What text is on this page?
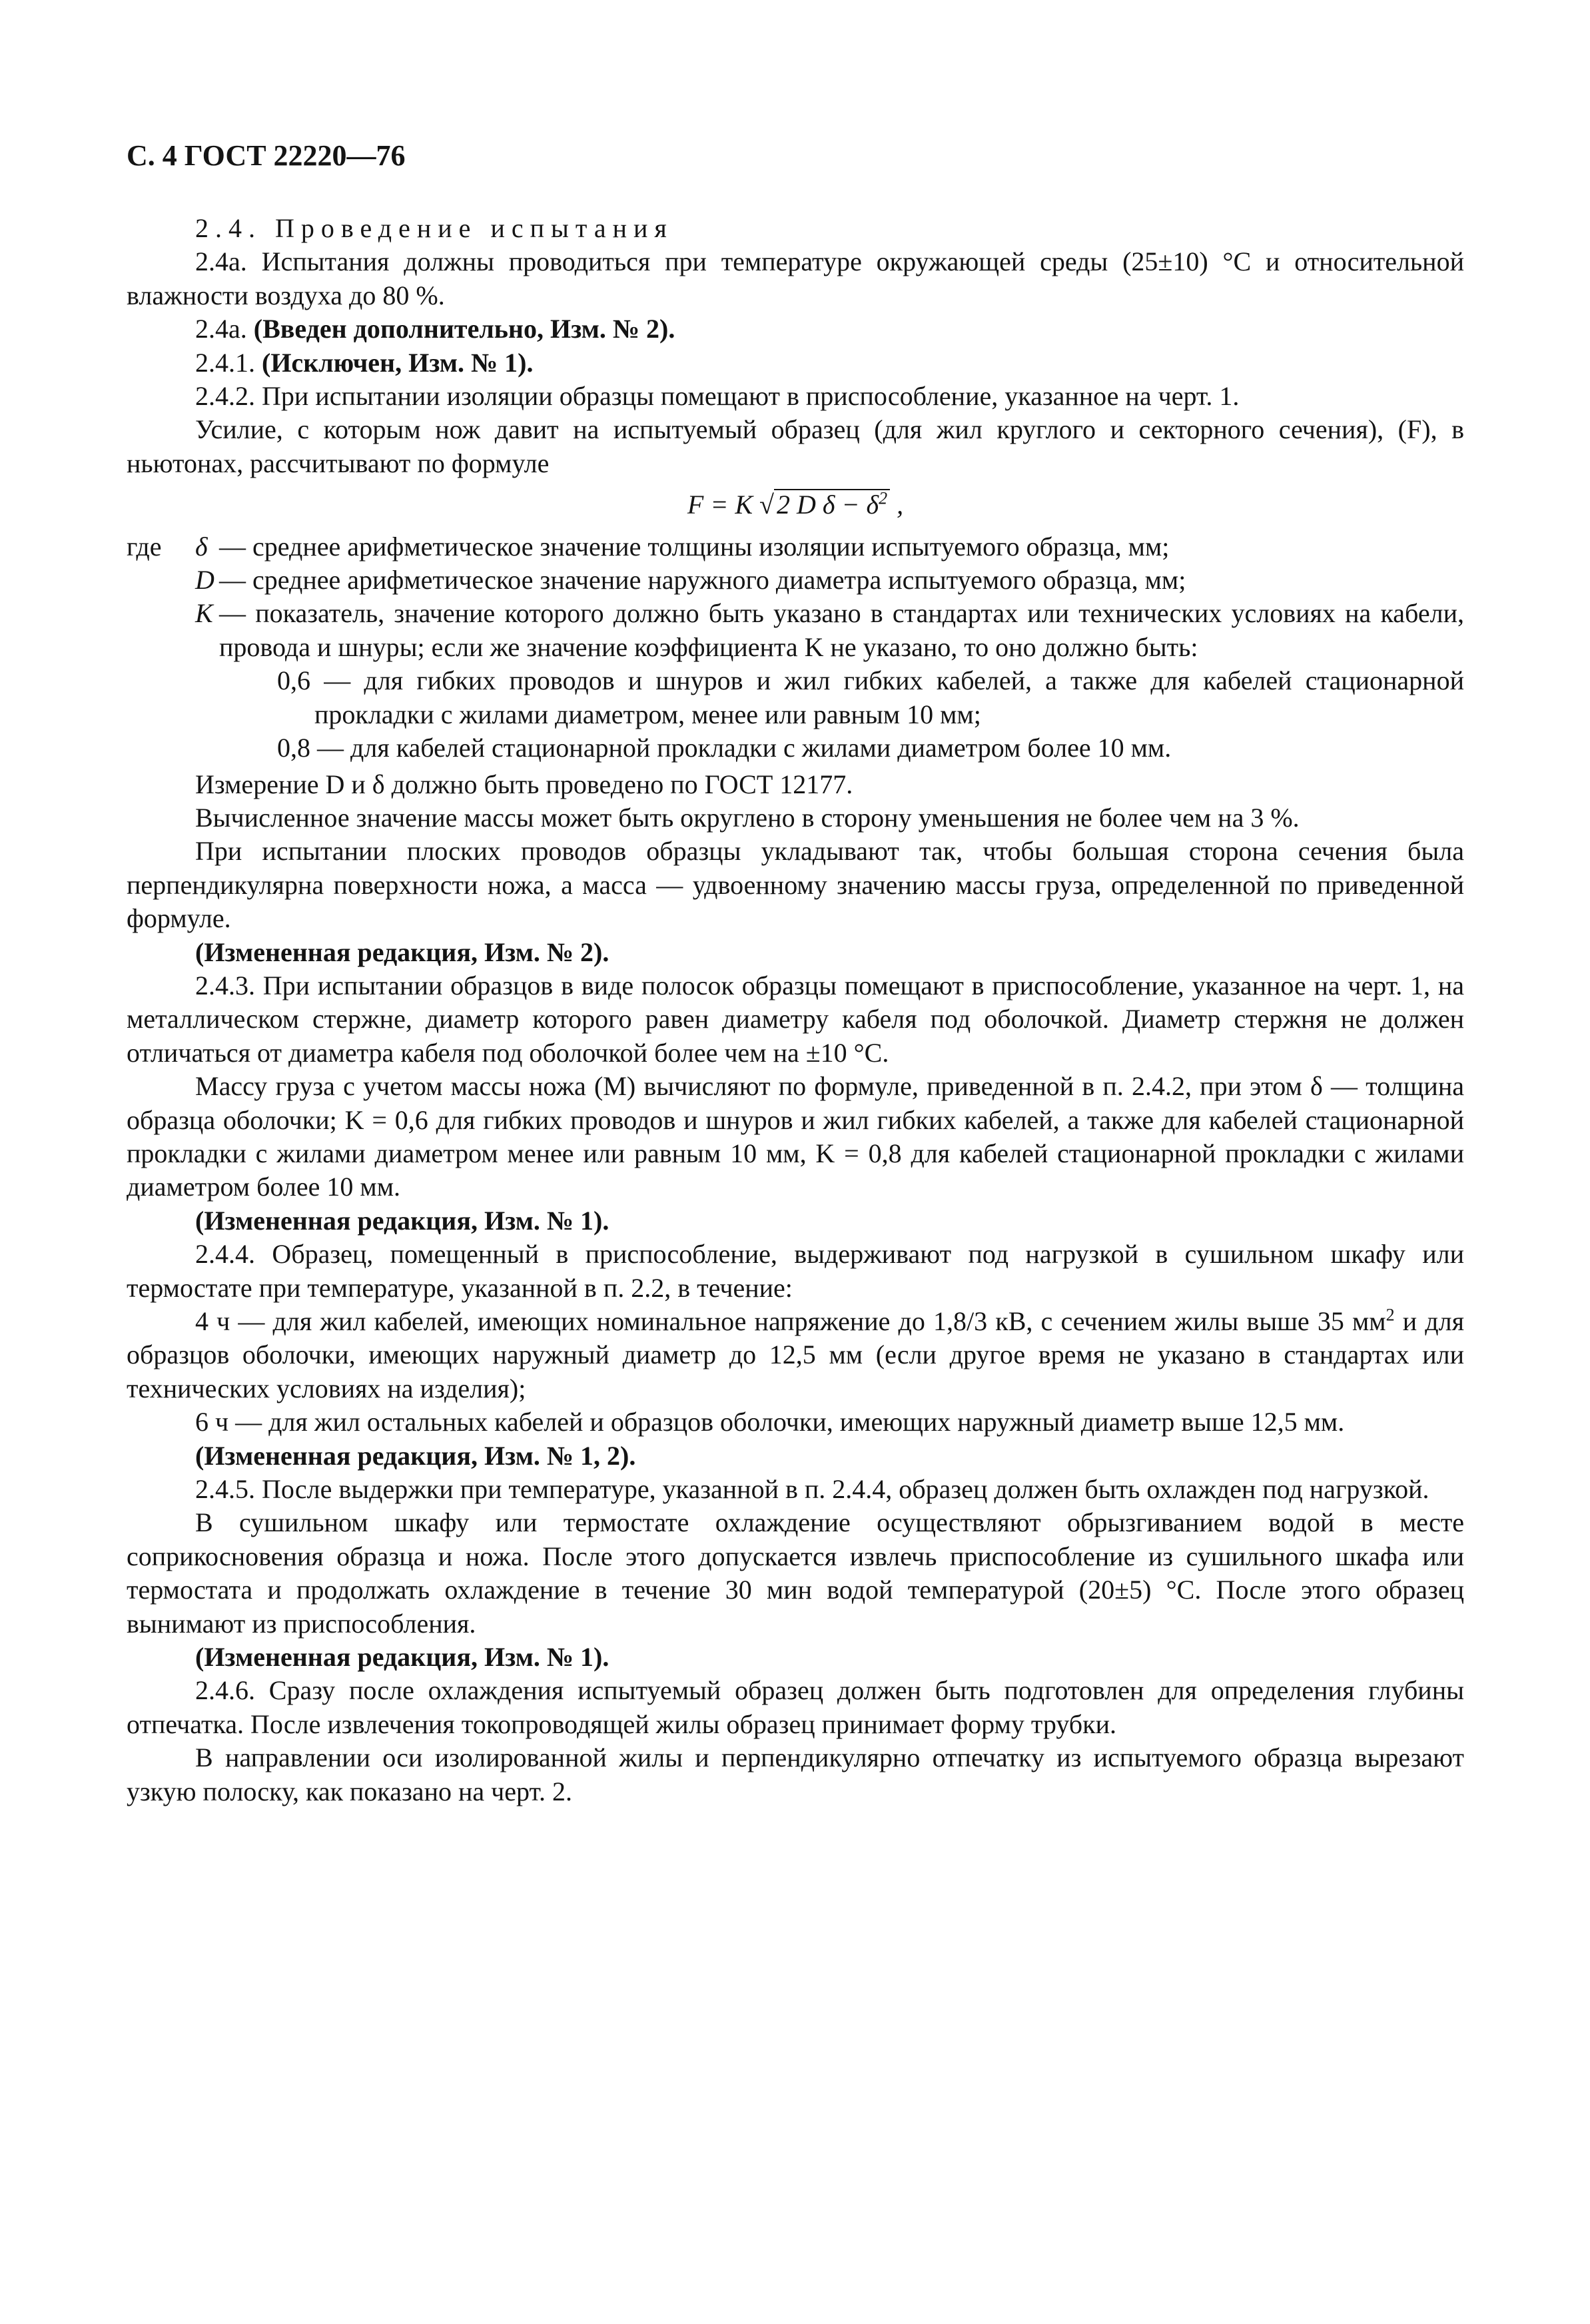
С. 4 ГОСТ 22220—76

2.4. Проведение испытания

2.4а. Испытания должны проводиться при температуре окружающей среды (25±10) °С и относительной влажности воздуха до 80 %.

2.4а. (Введен дополнительно, Изм. № 2).

2.4.1. (Исключен, Изм. № 1).

2.4.2. При испытании изоляции образцы помещают в приспособление, указанное на черт. 1.

Усилие, с которым нож давит на испытуемый образец (для жил круглого и секторного сечения), (F), в ньютонах, рассчитывают по формуле

F = K √ 2 D $\delta - \delta^2$ ,

где	δ — среднее арифметическое значение толщины изоляции испытуемого образца, мм;
D — среднее арифметическое значение наружного диаметра испытуемого образца, мм;
K — показатель, значение которого должно быть указано в стандартах или технических условиях на кабели, провода и шнуры; если же значение коэффициента K не указано, то оно должно быть:
0,6 — для гибких проводов и шнуров и жил гибких кабелей, а также для кабелей стационарной прокладки с жилами диаметром, менее или равным 10 мм;
0,8 — для кабелей стационарной прокладки с жилами диаметром более 10 мм.

Измерение D и δ должно быть проведено по ГОСТ 12177.

Вычисленное значение массы может быть округлено в сторону уменьшения не более чем на 3 %.

При испытании плоских проводов образцы укладывают так, чтобы большая сторона сечения была перпендикулярна поверхности ножа, а масса — удвоенному значению массы груза, определенной по приведенной формуле.

(Измененная редакция, Изм. № 2).

2.4.3. При испытании образцов в виде полосок образцы помещают в приспособление, указанное на черт. 1, на металлическом стержне, диаметр которого равен диаметру кабеля под оболочкой. Диаметр стержня не должен отличаться от диаметра кабеля под оболочкой более чем на ±10 °С.

Массу груза с учетом массы ножа (M) вычисляют по формуле, приведенной в п. 2.4.2, при этом δ — толщина образца оболочки; K = 0,6 для гибких проводов и шнуров и жил гибких кабелей, а также для кабелей стационарной прокладки с жилами диаметром менее или равным 10 мм, K = 0,8 для кабелей стационарной прокладки с жилами диаметром более 10 мм.

(Измененная редакция, Изм. № 1).

2.4.4. Образец, помещенный в приспособление, выдерживают под нагрузкой в сушильном шкафу или термостате при температуре, указанной в п. 2.2, в течение:

4 ч — для жил кабелей, имеющих номинальное напряжение до 1,8/3 кВ, с сечением жилы выше 35 $мм^2$ и для образцов оболочки, имеющих наружный диаметр до 12,5 мм (если другое время не указано в стандартах или технических условиях на изделия);

6 ч — для жил остальных кабелей и образцов оболочки, имеющих наружный диаметр выше 12,5 мм.

(Измененная редакция, Изм. № 1, 2).

2.4.5. После выдержки при температуре, указанной в п. 2.4.4, образец должен быть охлажден под нагрузкой.

В сушильном шкафу или термостате охлаждение осуществляют обрызгиванием водой в месте соприкосновения образца и ножа. После этого допускается извлечь приспособление из сушильного шкафа или термостата и продолжать охлаждение в течение 30 мин водой температурой (20±5) °С. После этого образец вынимают из приспособления.

(Измененная редакция, Изм. № 1).

2.4.6. Сразу после охлаждения испытуемый образец должен быть подготовлен для определения глубины отпечатка. После извлечения токопроводящей жилы образец принимает форму трубки.

В направлении оси изолированной жилы и перпендикулярно отпечатку из испытуемого образца вырезают узкую полоску, как показано на черт. 2.
